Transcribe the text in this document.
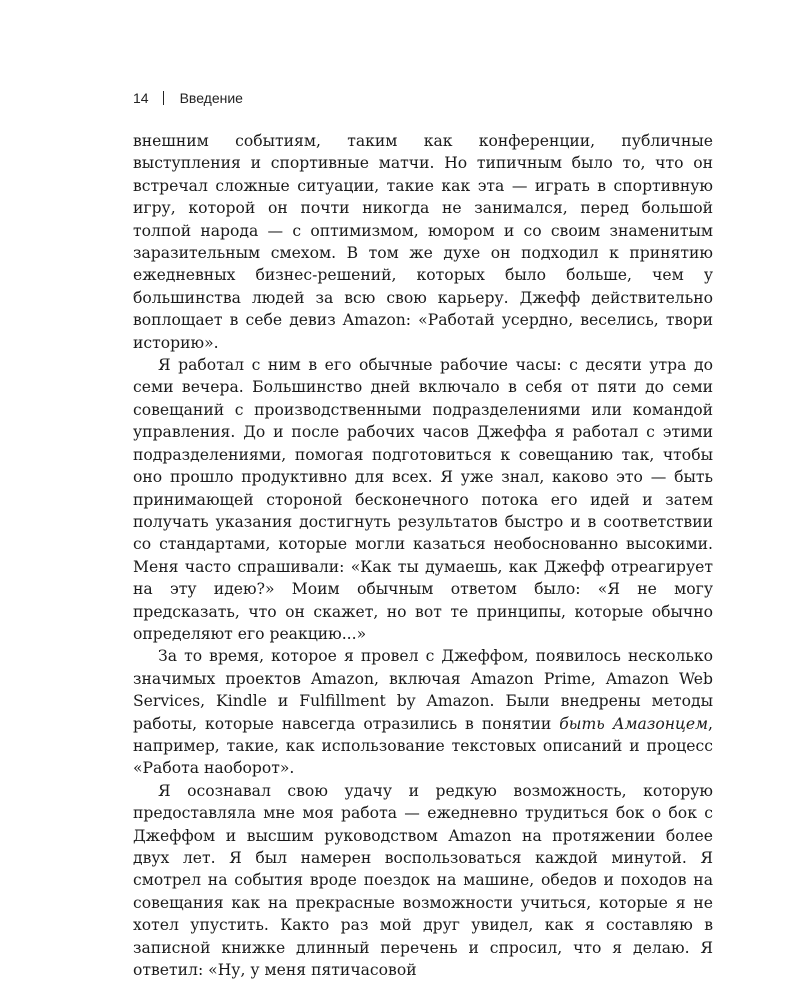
14 Введение

внешним событиям, таким как конференции, публичные выступления и спортивные матчи. Но типичным было то, что он встречал сложные ситуации, такие как эта — играть в спортивную игру, которой он почти никогда не занимался, перед большой толпой народа — с оптимизмом, юмором и со своим знаменитым заразительным смехом. В том же духе он подходил к принятию ежедневных бизнес-решений, которых было больше, чем у большинства людей за всю свою карьеру. Джефф действительно воплощает в себе девиз Amazon: «Работай усердно, веселись, твори историю».

Я работал с ним в его обычные рабочие часы: с десяти утра до семи вечера. Большинство дней включало в себя от пяти до семи совещаний с производственными подразделениями или командой управления. До и после рабочих часов Джеффа я работал с этими подразделениями, помогая подготовиться к совещанию так, чтобы оно прошло продуктивно для всех. Я уже знал, каково это — быть принимающей стороной бесконечного потока его идей и затем получать указания достигнуть результатов быстро и в соответствии со стандартами, которые могли казаться необоснованно высокими. Меня часто спрашивали: «Как ты думаешь, как Джефф отреагирует на эту идею?» Моим обычным ответом было: «Я не могу предсказать, что он скажет, но вот те принципы, которые обычно определяют его реакцию...»

За то время, которое я провел с Джеффом, появилось несколько значимых проектов Amazon, включая Amazon Prime, Amazon Web Services, Kindle и Fulfillment by Amazon. Были внедрены методы работы, которые навсегда отразились в понятии быть Амазонцем, например, такие, как использование текстовых описаний и процесс «Работа наоборот».

Я осознавал свою удачу и редкую возможность, которую предоставляла мне моя работа — ежедневно трудиться бок о бок с Джеффом и высшим руководством Amazon на протяжении более двух лет. Я был намерен воспользоваться каждой минутой. Я смотрел на события вроде поездок на машине, обедов и походов на совещания как на прекрасные возможности учиться, которые я не хотел упустить. Както раз мой друг увидел, как я составляю в записной книжке длинный перечень и спросил, что я делаю. Я ответил: «Ну, у меня пятичасовой
